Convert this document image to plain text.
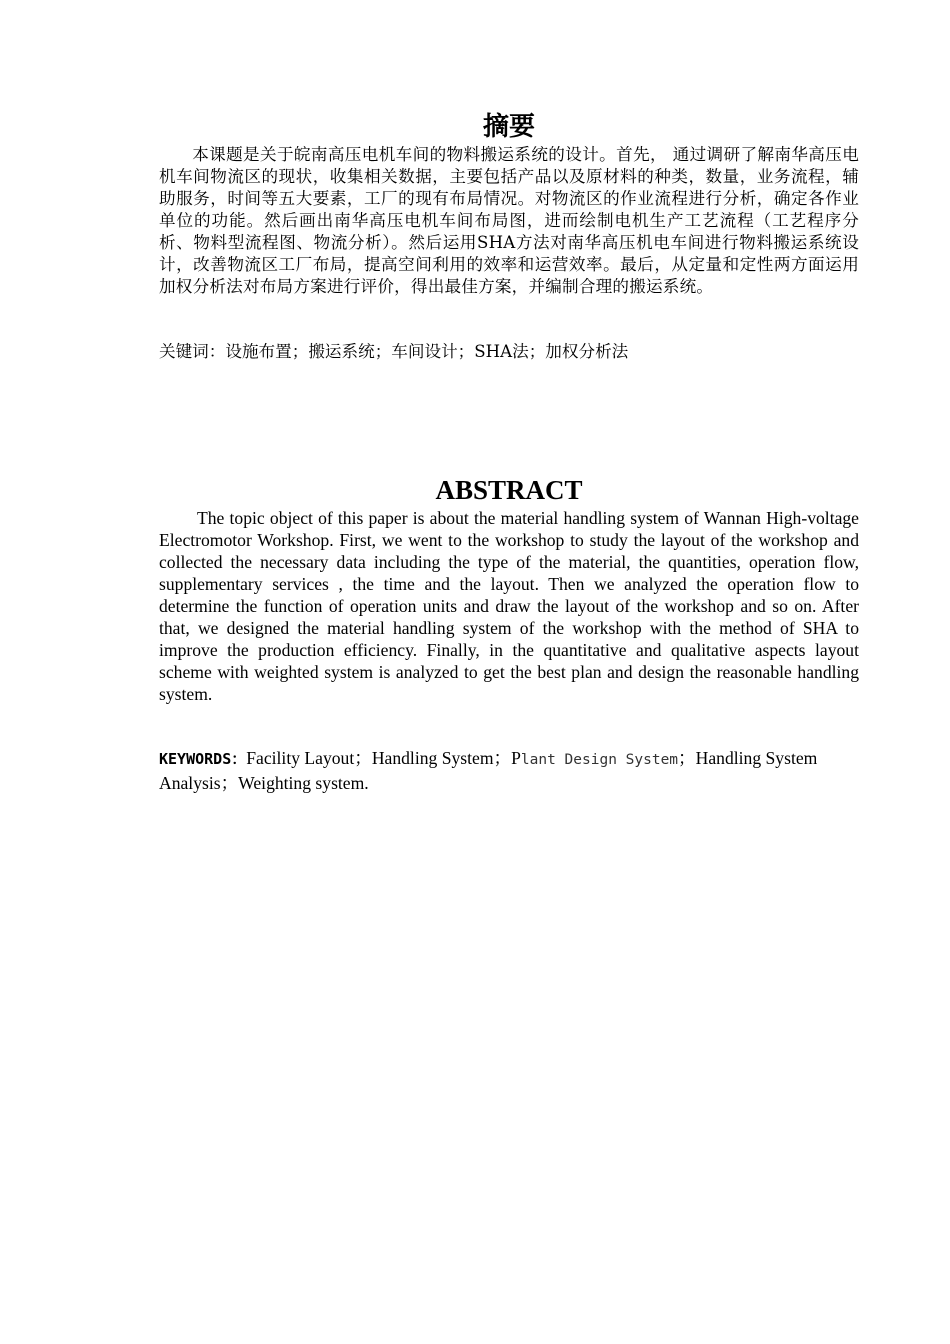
摘要
本课题是关于皖南高压电机车间的物料搬运系统的设计。首先， 通过调研了解南华高压电机车间物流区的现状，收集相关数据，主要包括产品以及原材料的种类，数量，业务流程，辅助服务，时间等五大要素，工厂的现有布局情况。对物流区的作业流程进行分析，确定各作业单位的功能。然后画出南华高压电机车间布局图，进而绘制电机生产工艺流程（工艺程序分析、物料型流程图、物流分析）。然后运用SHA方法对南华高压机电车间进行物料搬运系统设计，改善物流区工厂布局，提高空间利用的效率和运营效率。最后，从定量和定性两方面运用加权分析法对布局方案进行评价，得出最佳方案，并编制合理的搬运系统。
关键词：设施布置；搬运系统；车间设计；SHA法；加权分析法
ABSTRACT
The topic object of this paper is about the material handling system of Wannan High-voltage Electromotor Workshop. First, we went to the workshop to study the layout of the workshop and collected the necessary data including the type of the material, the quantities, operation flow, supplementary services , the time and the layout. Then we analyzed the operation flow to determine the function of operation units and draw the layout of the workshop and so on. After that, we designed the material handling system of the workshop with the method of SHA to improve the production efficiency. Finally, in the quantitative and qualitative aspects layout scheme with weighted system is analyzed to get the best plan and design the reasonable handling system.
KEYWORDS：Facility Layout；Handling System；Plant Design System；Handling System Analysis；Weighting system.
